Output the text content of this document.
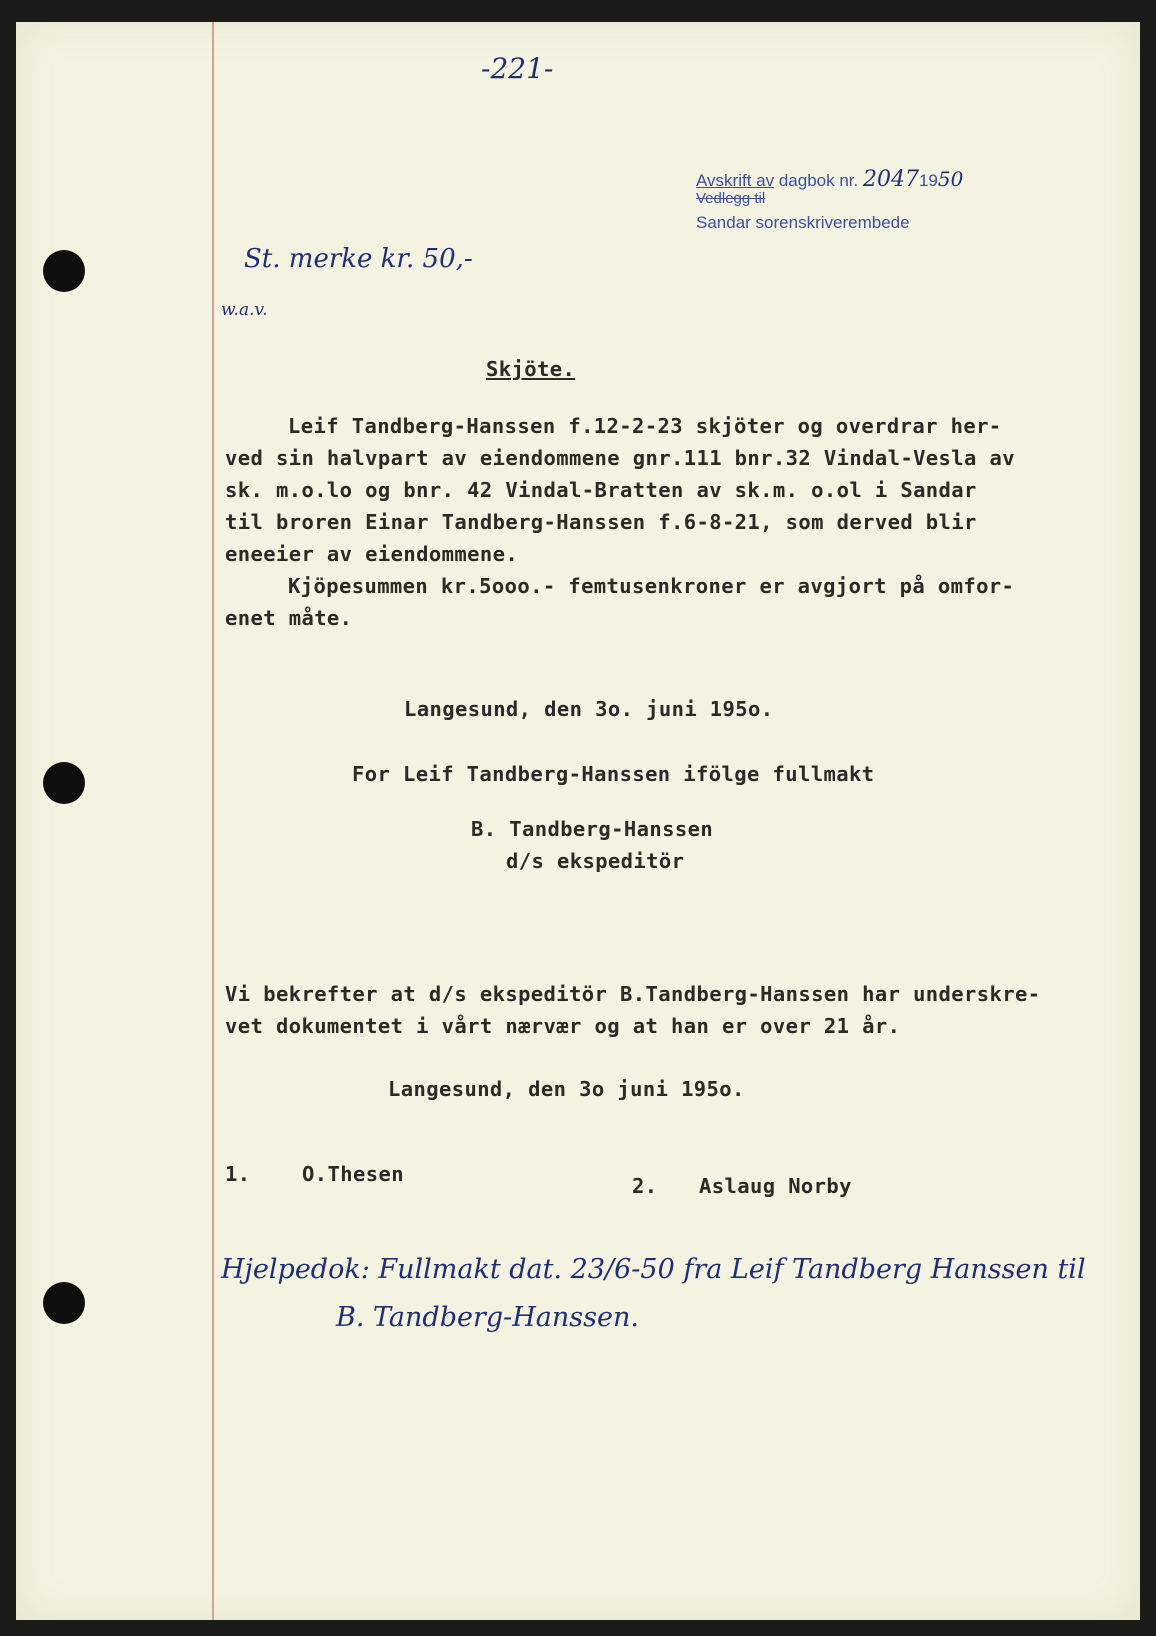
-221-
Avskrift av dagbok nr. 20471950
Vedlegg til
Sandar sorenskriverembede
St. merke kr. 50,-
w.a.v.
Skjöte.
Leif Tandberg-Hanssen f.12-2-23 skjöter og overdrar her-
ved sin halvpart av eiendommene gnr.111 bnr.32 Vindal-Vesla av
sk. m.o.lo og bnr. 42 Vindal-Bratten av sk.m. o.ol i Sandar
til broren Einar Tandberg-Hanssen f.6-8-21, som derved blir
eneeier av eiendommene.
Kjöpesummen kr.5ooo.- femtusenkroner er avgjort på omfor-
enet måte.
Langesund, den 3o. juni 195o.
For Leif Tandberg-Hanssen ifölge fullmakt
B. Tandberg-Hanssen
d/s ekspeditör
Vi bekrefter at d/s ekspeditör B.Tandberg-Hanssen har underskre-
vet dokumentet i vårt nærvær og at han er over 21 år.
Langesund, den 3o juni 195o.
1.	O.Thesen	2. Aslaug Norby
Hjelpedok: Fullmakt dat. 23/6-50 fra Leif Tandberg Hanssen til
B. Tandberg-Hanssen.
